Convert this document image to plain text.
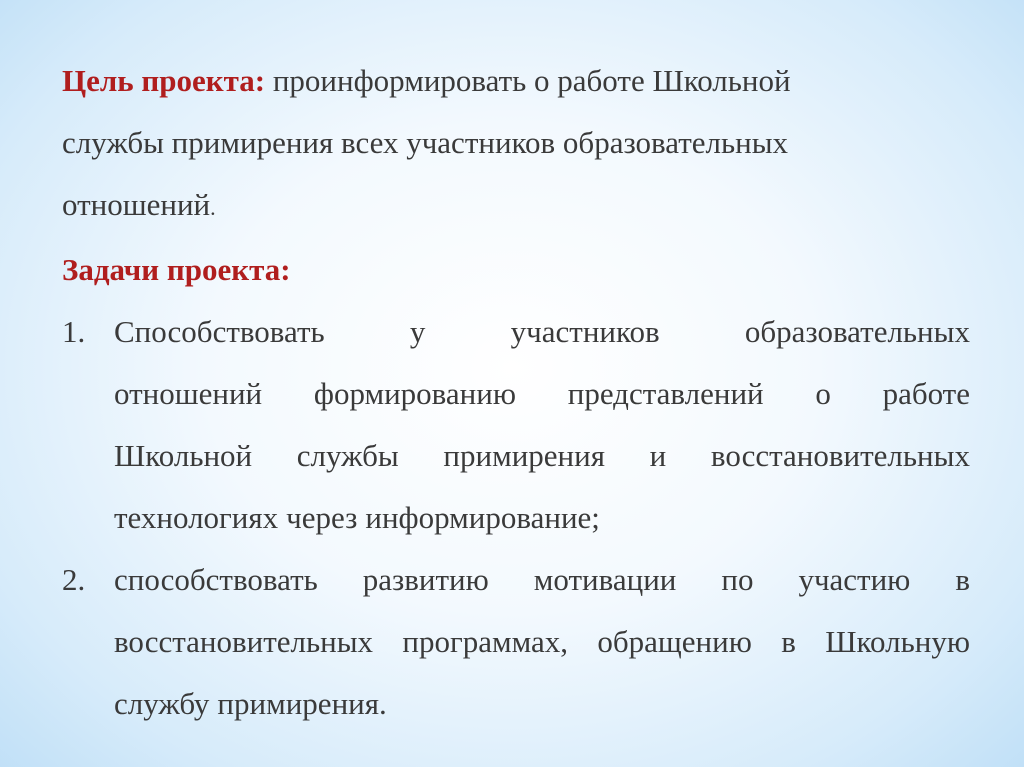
Цель проекта: проинформировать о работе Школьной
службы примирения всех участников образовательных
отношений.
Задачи проекта:
1. Способствовать	у	участников	образовательных
отношений формированию представлений о работе
Школьной службы примирения и восстановительных
технологиях через информирование;
2. способствовать развитию мотивации по участию в
восстановительных программах, обращению в Школьную
службу примирения.
